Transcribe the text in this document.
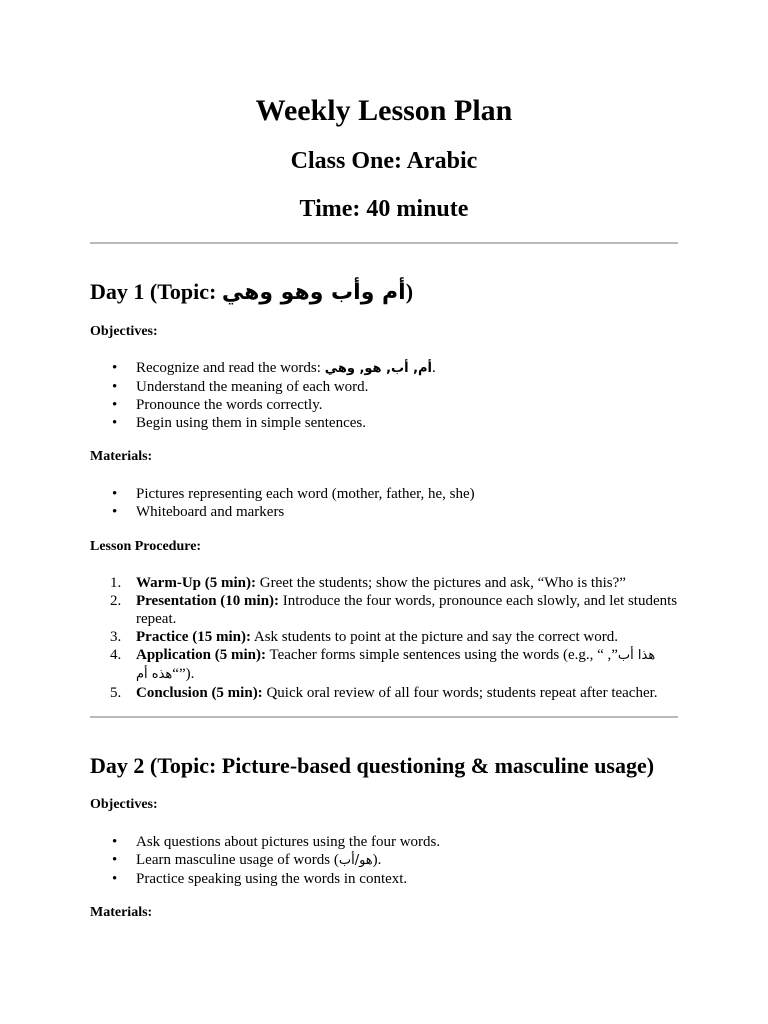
Weekly Lesson Plan
Class One: Arabic
Time: 40 minute
Day 1 (Topic: أم وأب وهو وهي)
Objectives:
• Recognize and read the words: أم, أب, هو, وهي.
• Understand the meaning of each word.
• Pronounce the words correctly.
• Begin using them in simple sentences.
Materials:
• Pictures representing each word (mother, father, he, she)
• Whiteboard and markers
Lesson Procedure:
1. Warm-Up (5 min): Greet the students; show the pictures and ask, “Who is this?”
2. Presentation (10 min): Introduce the four words, pronounce each slowly, and let students repeat.
3. Practice (15 min): Ask students to point at the picture and say the correct word.
4. Application (5 min): Teacher forms simple sentences using the words (e.g., “ ,”هذا أب
هذه أم“”).
5. Conclusion (5 min): Quick oral review of all four words; students repeat after teacher.
Day 2 (Topic: Picture-based questioning & masculine usage)
Objectives:
• Ask questions about pictures using the four words.
• Learn masculine usage of words (هو/أب).
• Practice speaking using the words in context.
Materials:
